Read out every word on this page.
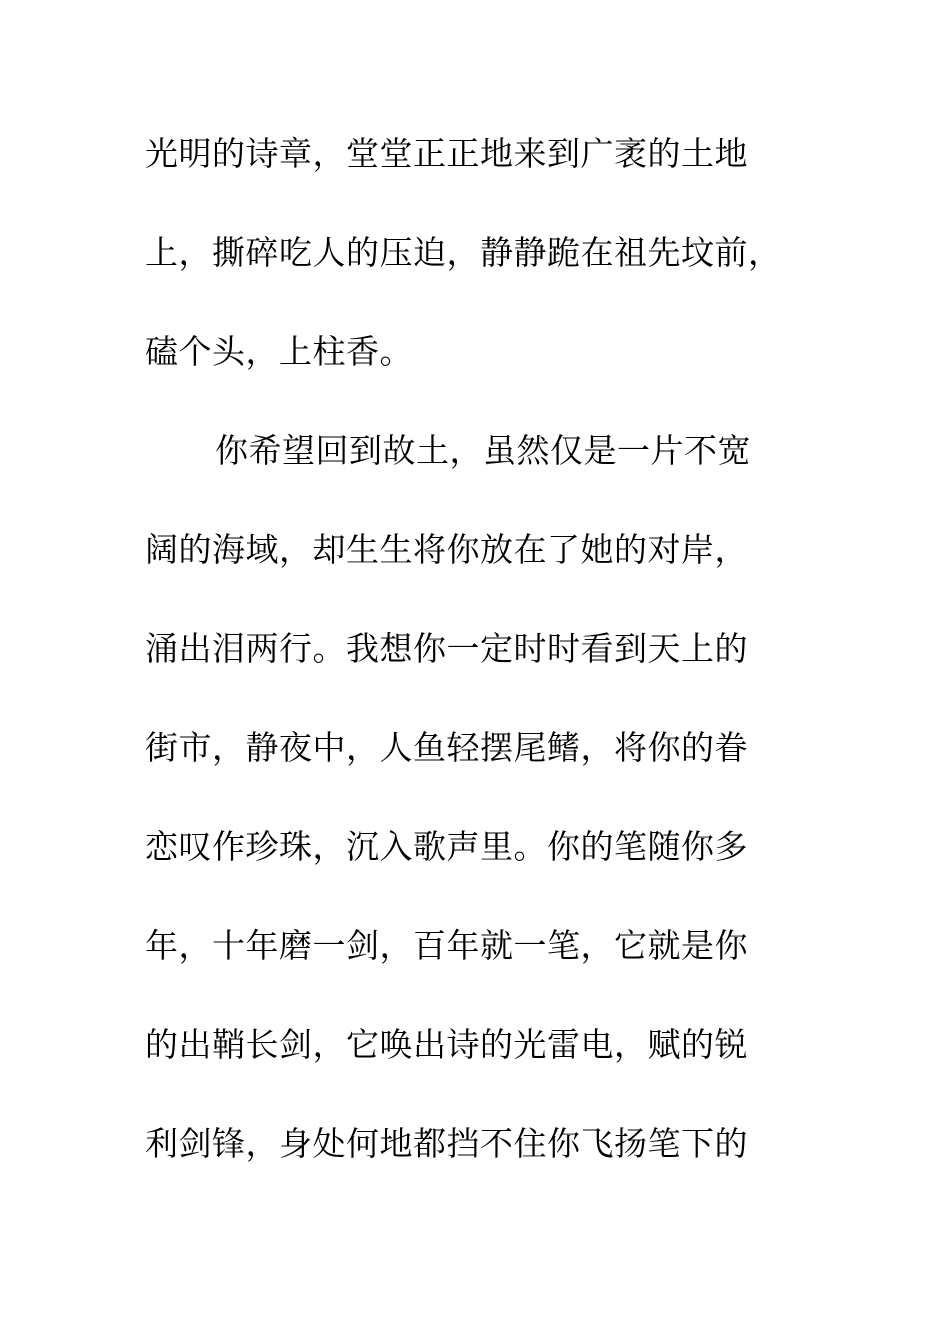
光明的诗章，堂堂正正地来到广袤的土地
上，撕碎吃人的压迫，静静跪在祖先坟前，
磕个头，上柱香。
你希望回到故土，虽然仅是一片不宽
阔的海域，却生生将你放在了她的对岸，
涌出泪两行。我想你一定时时看到天上的
街市，静夜中，人鱼轻摆尾鳍，将你的眷
恋叹作珍珠，沉入歌声里。你的笔随你多
年，十年磨一剑，百年就一笔，它就是你
的出鞘长剑，它唤出诗的光雷电，赋的锐
利剑锋，身处何地都挡不住你飞扬笔下的
